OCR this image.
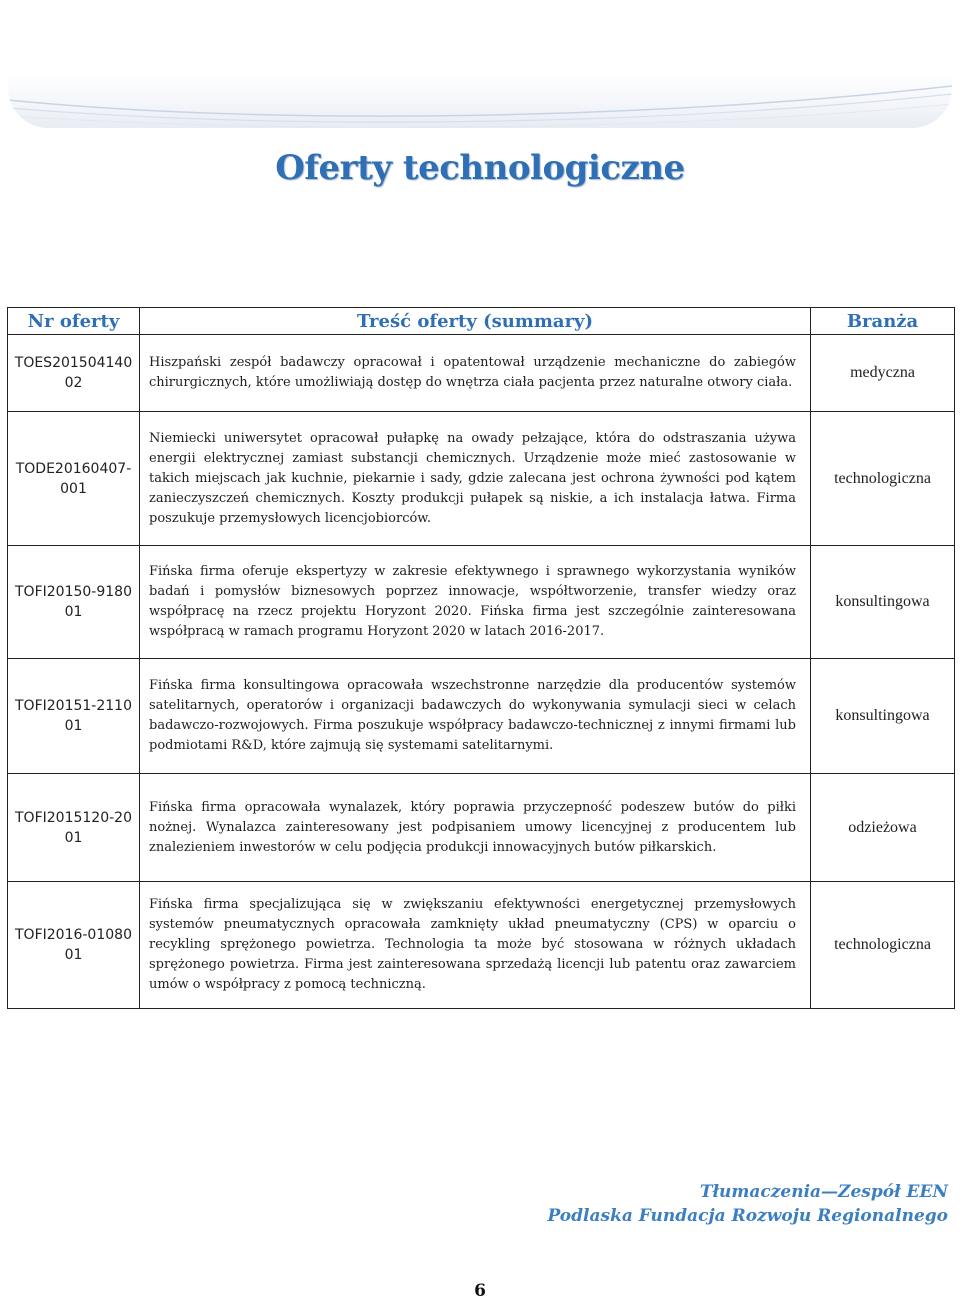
Oferty technologiczne
Nr oferty	Treść oferty (summary)	Branża
TOES201504140 02	Hiszpański zespół badawczy opracował i opatentował urządzenie mechaniczne do zabiegów chirurgicznych, które umożliwiają dostęp do wnętrza ciała pacjenta przez naturalne otwory ciała.	medyczna
TODE20160407-001	Niemiecki uniwersytet opracował pułapkę na owady pełzające, która do odstraszania używa energii elektrycznej zamiast substancji chemicznych. Urządzenie może mieć zastosowanie w takich miejscach jak kuchnie, piekarnie i sady, gdzie zalecana jest ochrona żywności pod kątem zanieczyszczeń chemicznych. Koszty produkcji pułapek są niskie, a ich instalacja łatwa. Firma poszukuje przemysłowych licencjobiorców.	technologiczna
TOFI20150-918001	Fińska firma oferuje ekspertyzy w zakresie efektywnego i sprawnego wykorzystania wyników badań i pomysłów biznesowych poprzez innowacje, współtworzenie, transfer wiedzy oraz współpracę na rzecz projektu Horyzont 2020. Fińska firma jest szczególnie zainteresowana współpracą w ramach programu Horyzont 2020 w latach 2016-2017.	konsultingowa
TOFI20151-211001	Fińska firma konsultingowa opracowała wszechstronne narzędzie dla producentów systemów satelitarnych, operatorów i organizacji badawczych do wykonywania symulacji sieci w celach badawczo-rozwojowych. Firma poszukuje współpracy badawczo-technicznej z innymi firmami lub podmiotami R&D, które zajmują się systemami satelitarnymi.	konsultingowa
TOFI2015120-2001	Fińska firma opracowała wynalazek, który poprawia przyczepność podeszew butów do piłki nożnej. Wynalazca zainteresowany jest podpisaniem umowy licencyjnej z producentem lub znalezieniem inwestorów w celu podjęcia produkcji innowacyjnych butów piłkarskich.	odzieżowa
TOFI2016-0108001	Fińska firma specjalizująca się w zwiększaniu efektywności energetycznej przemysłowych systemów pneumatycznych opracowała zamknięty układ pneumatyczny (CPS) w oparciu o recykling sprężonego powietrza. Technologia ta może być stosowana w różnych układach sprężonego powietrza. Firma jest zainteresowana sprzedażą licencji lub patentu oraz zawarciem umów o współpracy z pomocą techniczną.	technologiczna
Tłumaczenia—Zespół EEN
Podlaska Fundacja Rozwoju Regionalnego
6
